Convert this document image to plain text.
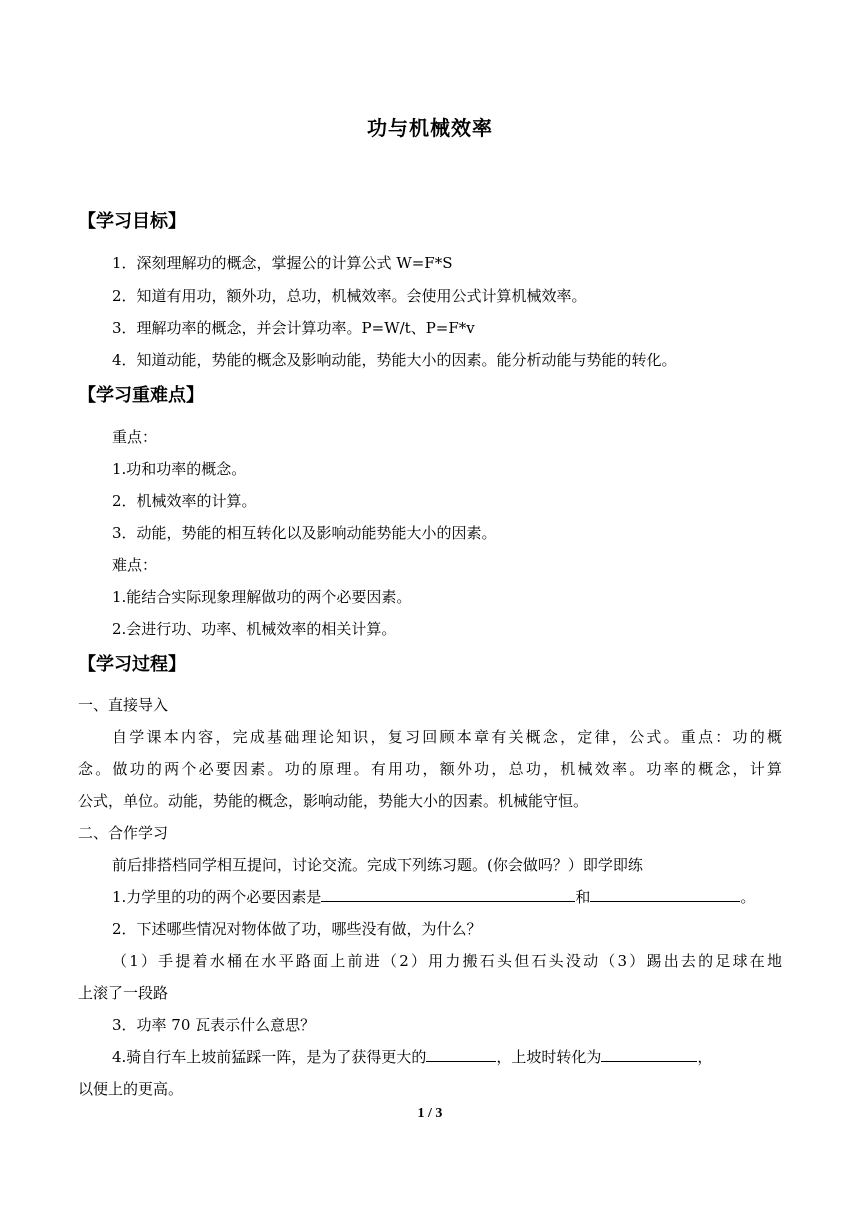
功与机械效率
【学习目标】
1．深刻理解功的概念，掌握公的计算公式 W=F*S
2．知道有用功，额外功，总功，机械效率。会使用公式计算机械效率。
3．理解功率的概念，并会计算功率。P=W/t、P=F*v
4．知道动能，势能的概念及影响动能，势能大小的因素。能分析动能与势能的转化。
【学习重难点】
重点：
1.功和功率的概念。
2．机械效率的计算。
3．动能，势能的相互转化以及影响动能势能大小的因素。
难点：
1.能结合实际现象理解做功的两个必要因素。
2.会进行功、功率、机械效率的相关计算。
【学习过程】
一、直接导入
自学课本内容，完成基础理论知识，复习回顾本章有关概念，定律，公式。重点：功的概
念。做功的两个必要因素。功的原理。有用功，额外功，总功，机械效率。功率的概念，计算
公式，单位。动能，势能的概念，影响动能，势能大小的因素。机械能守恒。
二、合作学习
前后排搭档同学相互提问，讨论交流。完成下列练习题。(你会做吗？）即学即练
1.力学里的功的两个必要因素是	和	。
2．下述哪些情况对物体做了功，哪些没有做，为什么？
（1）手提着水桶在水平路面上前进（2）用力搬石头但石头没动（3）踢出去的足球在地
上滚了一段路
3．功率 70 瓦表示什么意思？
4.骑自行车上坡前猛踩一阵，是为了获得更大的	，上坡时转化为	，
以便上的更高。
1 / 3
